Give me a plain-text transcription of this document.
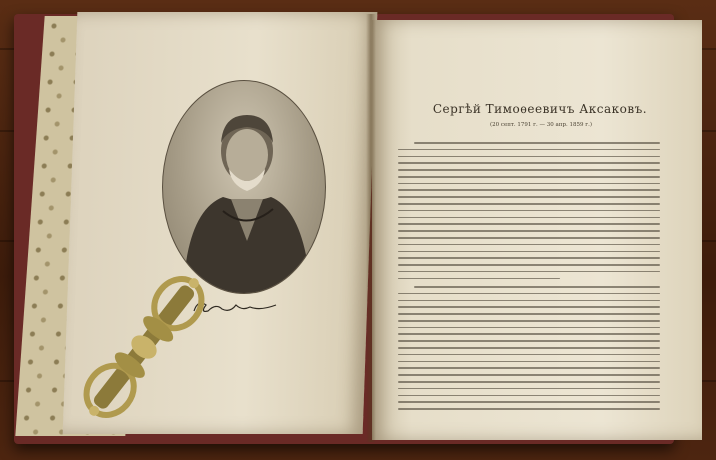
Сергѣй Тимоѳеевичъ Аксаковъ.
(20 септ. 1791 г. — 30 апр. 1859 г.)
